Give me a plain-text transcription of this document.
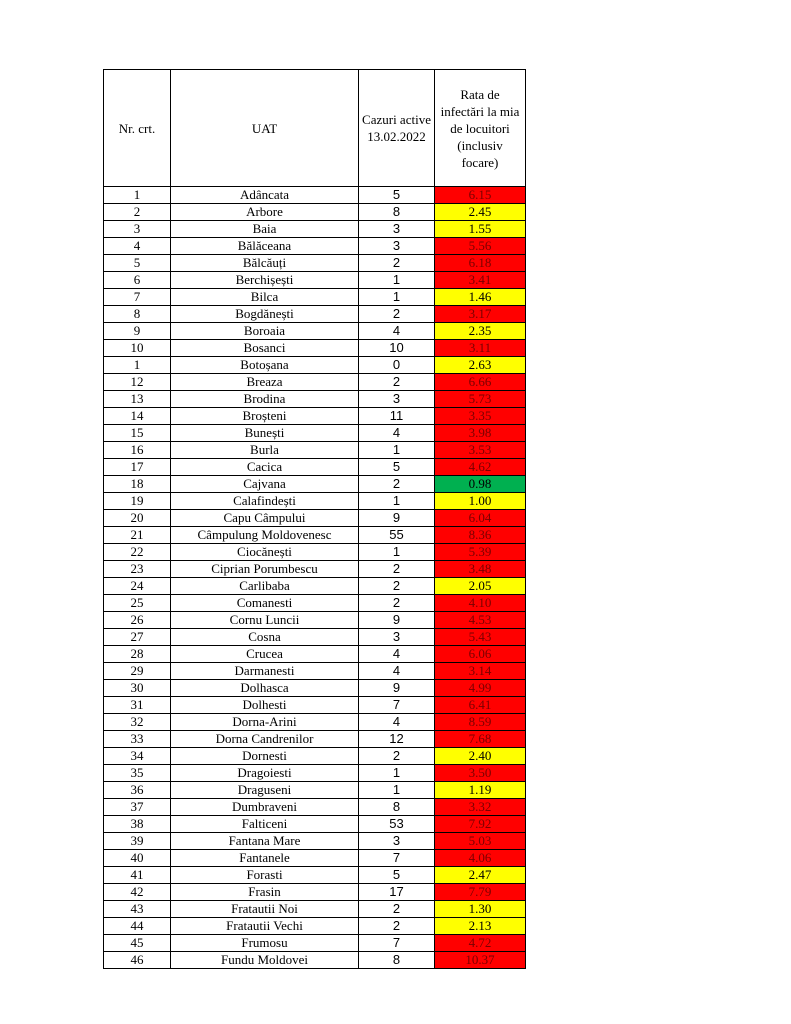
Nr. crt.	UAT	Cazuri active 13.02.2022	Rata de infectări la mia de locuitori (inclusiv focare)
1	Adâncata	5	6.15
2	Arbore	8	2.45
3	Baia	3	1.55
4	Bălăceana	3	5.56
5	Bălcăuți	2	6.18
6	Berchișești	1	3.41
7	Bilca	1	1.46
8	Bogdănești	2	3.17
9	Boroaia	4	2.35
10	Bosanci	10	3.11
1	Botoșana	0	2.63
12	Breaza	2	6.66
13	Brodina	3	5.73
14	Broșteni	11	3.35
15	Bunești	4	3.98
16	Burla	1	3.53
17	Cacica	5	4.62
18	Cajvana	2	0.98
19	Calafindești	1	1.00
20	Capu Câmpului	9	6.04
21	Câmpulung Moldovenesc	55	8.36
22	Ciocănești	1	5.39
23	Ciprian Porumbescu	2	3.48
24	Carlibaba	2	2.05
25	Comanesti	2	4.10
26	Cornu Luncii	9	4.53
27	Cosna	3	5.43
28	Crucea	4	6.06
29	Darmanesti	4	3.14
30	Dolhasca	9	4.99
31	Dolhesti	7	6.41
32	Dorna-Arini	4	8.59
33	Dorna Candrenilor	12	7.68
34	Dornesti	2	2.40
35	Dragoiesti	1	3.50
36	Draguseni	1	1.19
37	Dumbraveni	8	3.32
38	Falticeni	53	7.92
39	Fantana Mare	3	5.03
40	Fantanele	7	4.06
41	Forasti	5	2.47
42	Frasin	17	7.79
43	Fratautii Noi	2	1.30
44	Fratautii Vechi	2	2.13
45	Frumosu	7	4.72
46	Fundu Moldovei	8	10.37
